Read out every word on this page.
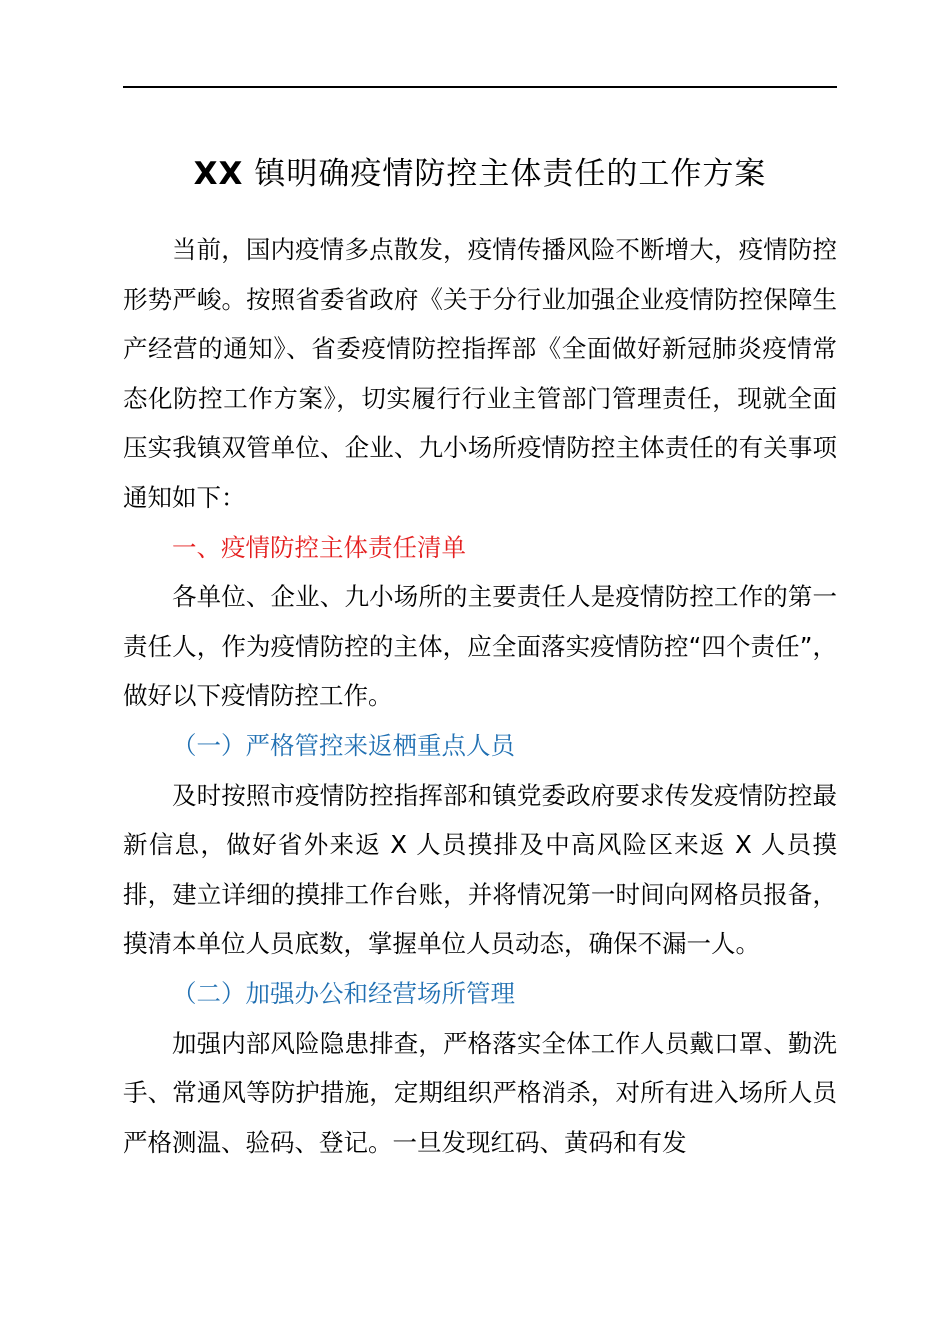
XX 镇明确疫情防控主体责任的工作方案

当前，国内疫情多点散发，疫情传播风险不断增大，疫情防控形势严峻。按照省委省政府《关于分行业加强企业疫情防控保障生产经营的通知》、省委疫情防控指挥部《全面做好新冠肺炎疫情常态化防控工作方案》，切实履行行业主管部门管理责任，现就全面压实我镇双管单位、企业、九小场所疫情防控主体责任的有关事项通知如下：

一、疫情防控主体责任清单

各单位、企业、九小场所的主要责任人是疫情防控工作的第一责任人，作为疫情防控的主体，应全面落实疫情防控“四个责任”，做好以下疫情防控工作。

（一）严格管控来返栖重点人员

及时按照市疫情防控指挥部和镇党委政府要求传发疫情防控最新信息，做好省外来返 X 人员摸排及中高风险区来返 X 人员摸排，建立详细的摸排工作台账，并将情况第一时间向网格员报备，摸清本单位人员底数，掌握单位人员动态，确保不漏一人。

（二）加强办公和经营场所管理

加强内部风险隐患排查，严格落实全体工作人员戴口罩、勤洗手、常通风等防护措施，定期组织严格消杀，对所有进入场所人员严格测温、验码、登记。一旦发现红码、黄码和有发
